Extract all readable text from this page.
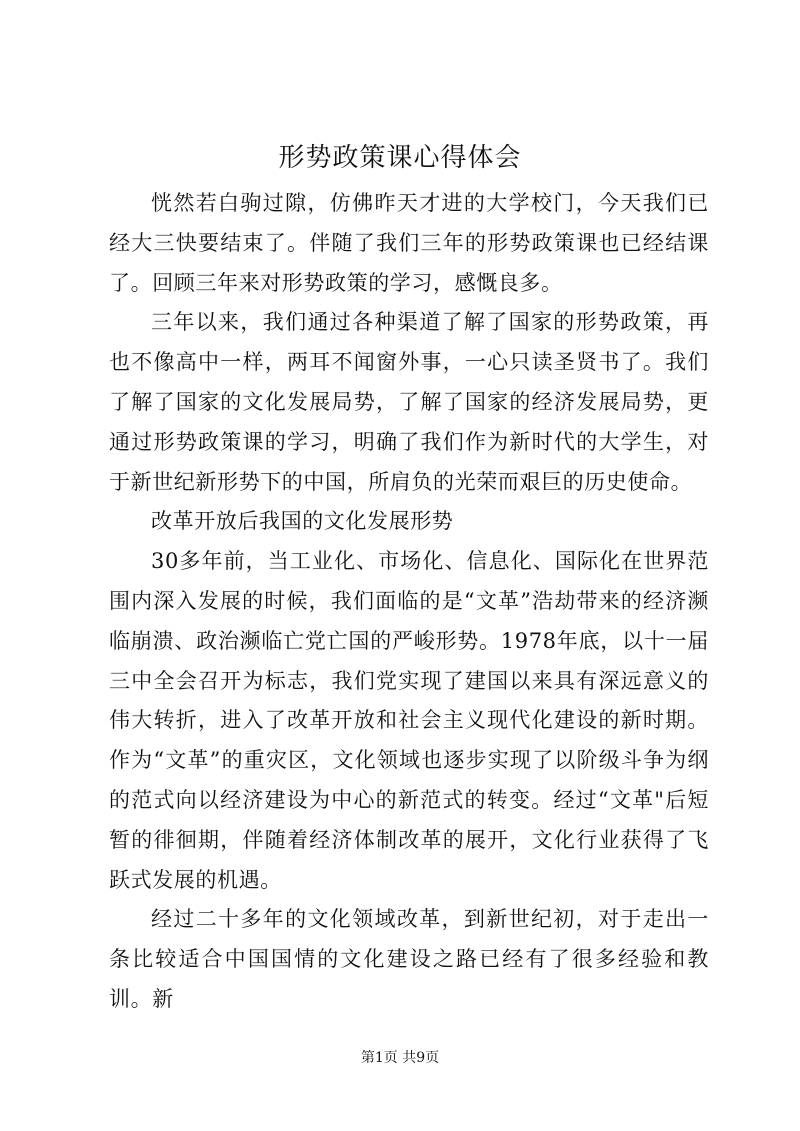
形势政策课心得体会

恍然若白驹过隙，仿佛昨天才进的大学校门，今天我们已经大三快要结束了。伴随了我们三年的形势政策课也已经结课了。回顾三年来对形势政策的学习，感慨良多。

三年以来，我们通过各种渠道了解了国家的形势政策，再也不像高中一样，两耳不闻窗外事，一心只读圣贤书了。我们了解了国家的文化发展局势，了解了国家的经济发展局势，更通过形势政策课的学习，明确了我们作为新时代的大学生，对于新世纪新形势下的中国，所肩负的光荣而艰巨的历史使命。

改革开放后我国的文化发展形势

30多年前，当工业化、市场化、信息化、国际化在世界范围内深入发展的时候，我们面临的是“文革”浩劫带来的经济濒临崩溃、政治濒临亡党亡国的严峻形势。1978年底，以十一届三中全会召开为标志，我们党实现了建国以来具有深远意义的伟大转折，进入了改革开放和社会主义现代化建设的新时期。作为“文革”的重灾区，文化领域也逐步实现了以阶级斗争为纲的范式向以经济建设为中心的新范式的转变。经过“文革"后短暂的徘徊期，伴随着经济体制改革的展开，文化行业获得了飞跃式发展的机遇。

经过二十多年的文化领域改革，到新世纪初，对于走出一条比较适合中国国情的文化建设之路已经有了很多经验和教训。新

第1页 共9页
